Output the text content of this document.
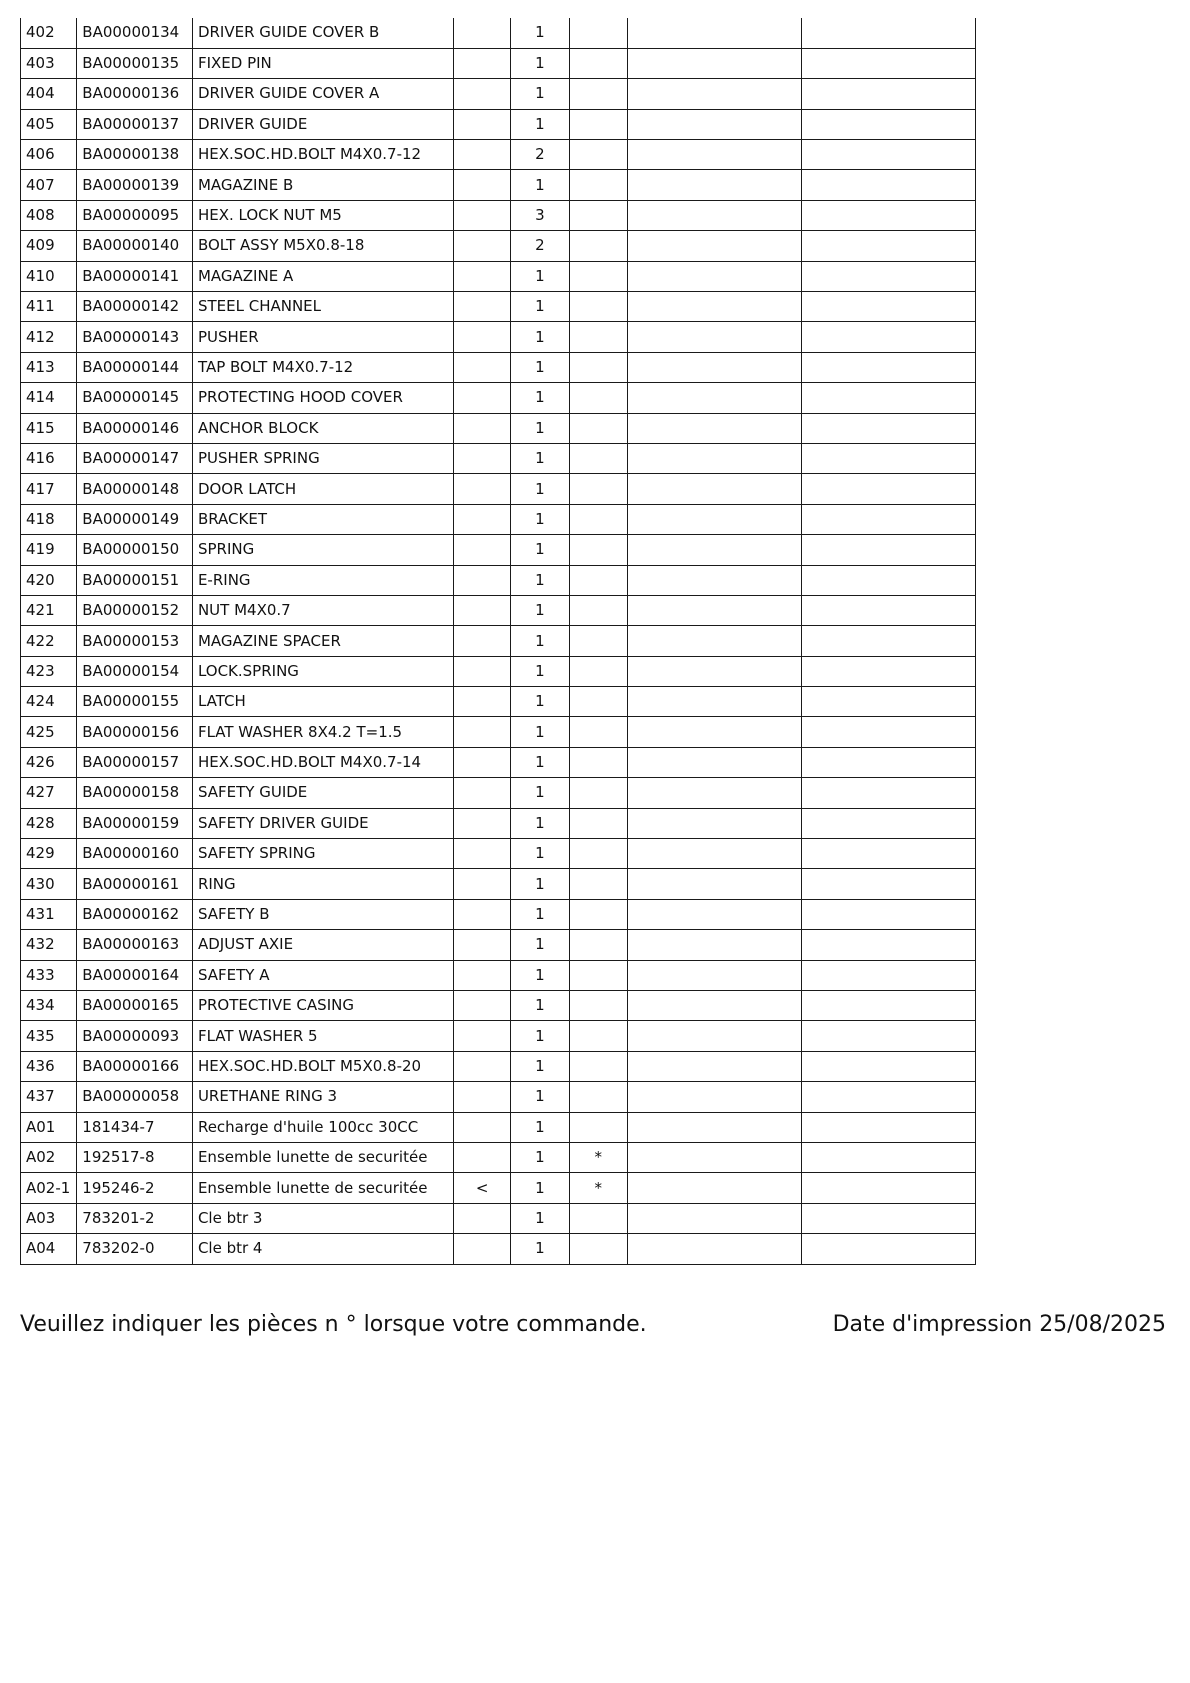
402	BA00000134	DRIVER GUIDE COVER B		1			
403	BA00000135	FIXED PIN		1			
404	BA00000136	DRIVER GUIDE COVER A		1			
405	BA00000137	DRIVER GUIDE		1			
406	BA00000138	HEX.SOC.HD.BOLT M4X0.7-12		2			
407	BA00000139	MAGAZINE B		1			
408	BA00000095	HEX. LOCK NUT M5		3			
409	BA00000140	BOLT ASSY M5X0.8-18		2			
410	BA00000141	MAGAZINE A		1			
411	BA00000142	STEEL CHANNEL		1			
412	BA00000143	PUSHER		1			
413	BA00000144	TAP BOLT M4X0.7-12		1			
414	BA00000145	PROTECTING HOOD COVER		1			
415	BA00000146	ANCHOR BLOCK		1			
416	BA00000147	PUSHER SPRING		1			
417	BA00000148	DOOR LATCH		1			
418	BA00000149	BRACKET		1			
419	BA00000150	SPRING		1			
420	BA00000151	E-RING		1			
421	BA00000152	NUT M4X0.7		1			
422	BA00000153	MAGAZINE SPACER		1			
423	BA00000154	LOCK.SPRING		1			
424	BA00000155	LATCH		1			
425	BA00000156	FLAT WASHER 8X4.2 T=1.5		1			
426	BA00000157	HEX.SOC.HD.BOLT M4X0.7-14		1			
427	BA00000158	SAFETY GUIDE		1			
428	BA00000159	SAFETY DRIVER GUIDE		1			
429	BA00000160	SAFETY SPRING		1			
430	BA00000161	RING		1			
431	BA00000162	SAFETY B		1			
432	BA00000163	ADJUST AXIE		1			
433	BA00000164	SAFETY A		1			
434	BA00000165	PROTECTIVE CASING		1			
435	BA00000093	FLAT WASHER 5		1			
436	BA00000166	HEX.SOC.HD.BOLT M5X0.8-20		1			
437	BA00000058	URETHANE RING 3		1			
A01	181434-7	Recharge d'huile 100cc 30CC		1			
A02	192517-8	Ensemble lunette de securitée		1	*		
A02-1	195246-2	Ensemble lunette de securitée	<	1	*		
A03	783201-2	Cle btr 3		1			
A04	783202-0	Cle btr 4		1			
Veuillez indiquer les pièces n ° lorsque votre commande.	Date d'impression 25/08/2025
